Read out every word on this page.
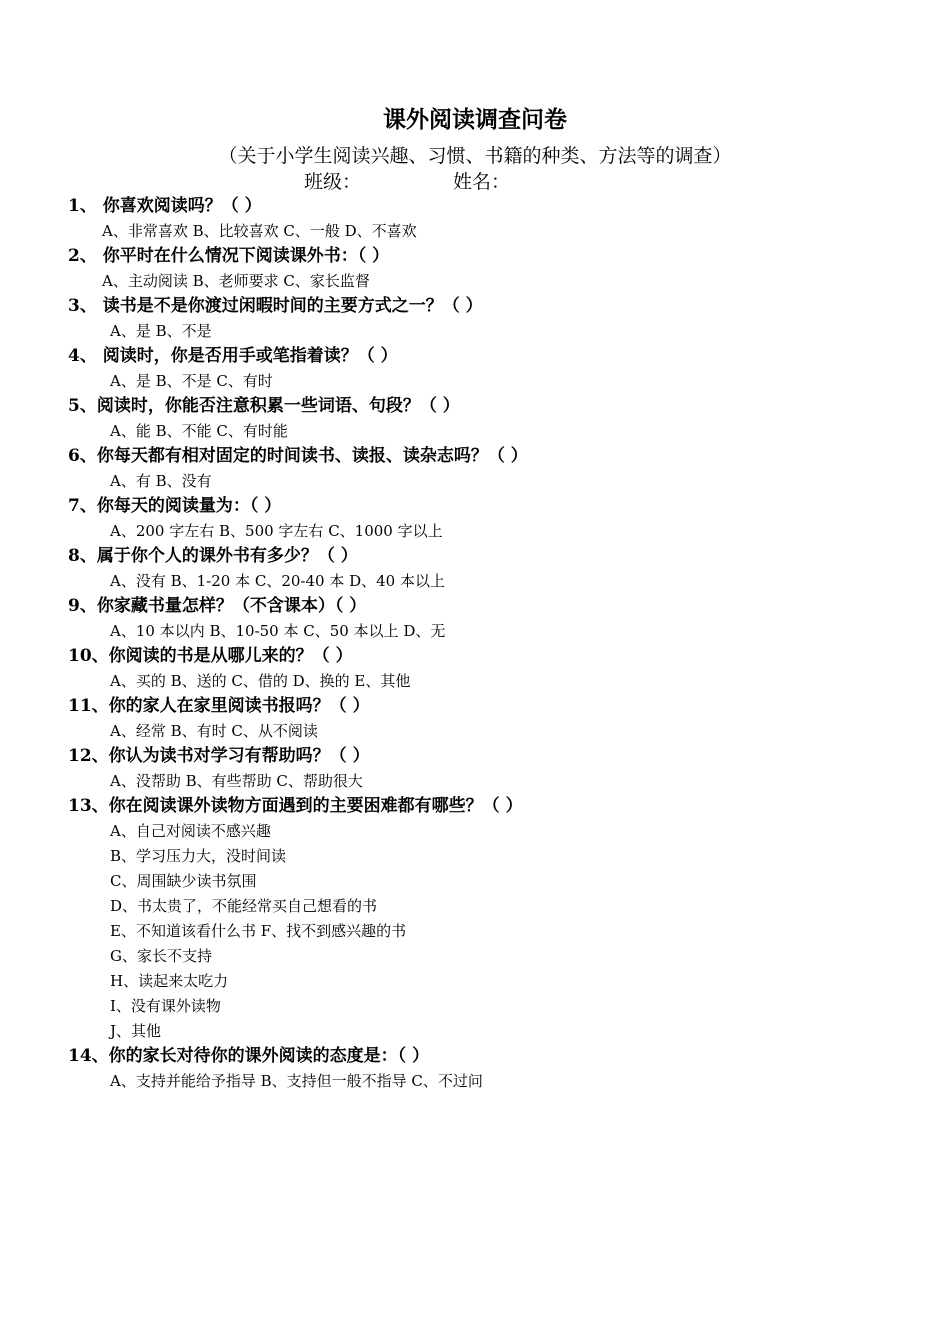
课外阅读调查问卷
（关于小学生阅读兴趣、习惯、书籍的种类、方法等的调查）
班级：	姓名：
1、 你喜欢阅读吗？（ ）
A、非常喜欢 B、比较喜欢 C、一般 D、不喜欢
2、 你平时在什么情况下阅读课外书：（ ）
A、主动阅读 B、老师要求 C、家长监督
3、 读书是不是你渡过闲暇时间的主要方式之一？（ ）
A、是 B、不是
4、 阅读时，你是否用手或笔指着读？（ ）
A、是 B、不是 C、有时
5、阅读时，你能否注意积累一些词语、句段？（ ）
A、能 B、不能 C、有时能
6、你每天都有相对固定的时间读书、读报、读杂志吗？（ ）
A、有 B、没有
7、你每天的阅读量为：（ ）
A、200 字左右 B、500 字左右 C、1000 字以上
8、属于你个人的课外书有多少？（ ）
A、没有 B、1-20 本 C、20-40 本 D、40 本以上
9、你家藏书量怎样？（不含课本）（ ）
A、10 本以内 B、10-50 本 C、50 本以上 D、无
10、你阅读的书是从哪儿来的？（ ）
A、买的 B、送的 C、借的 D、换的 E、其他
11、你的家人在家里阅读书报吗？（ ）
A、经常 B、有时 C、从不阅读
12、你认为读书对学习有帮助吗？（ ）
A、没帮助 B、有些帮助 C、帮助很大
13、你在阅读课外读物方面遇到的主要困难都有哪些？（ ）
A、自己对阅读不感兴趣
B、学习压力大，没时间读
C、周围缺少读书氛围
D、书太贵了，不能经常买自己想看的书
E、不知道该看什么书 F、找不到感兴趣的书
G、家长不支持
H、读起来太吃力
I、没有课外读物
J、其他
14、你的家长对待你的课外阅读的态度是：（ ）
A、支持并能给予指导 B、支持但一般不指导 C、不过问
